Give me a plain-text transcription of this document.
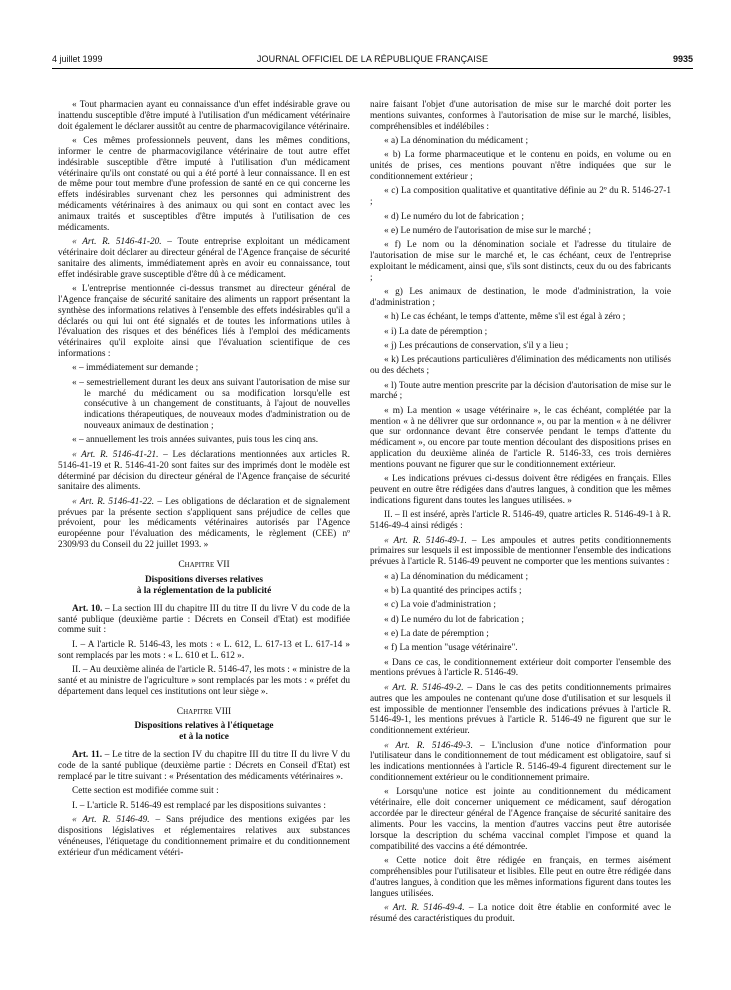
4 juillet 1999	JOURNAL OFFICIEL DE LA RÉPUBLIQUE FRANÇAISE	9935

« Tout pharmacien ayant eu connaissance d'un effet indésirable grave ou inattendu susceptible d'être imputé à l'utilisation d'un médicament vétérinaire doit également le déclarer aussitôt au centre de pharmacovigilance vétérinaire.

« Ces mêmes professionnels peuvent, dans les mêmes conditions, informer le centre de pharmacovigilance vétérinaire de tout autre effet indésirable susceptible d'être imputé à l'utilisation d'un médicament vétérinaire qu'ils ont constaté ou qui a été porté à leur connaissance. Il en est de même pour tout membre d'une profession de santé en ce qui concerne les effets indésirables survenant chez les personnes qui administrent des médicaments vétérinaires à des animaux ou qui sont en contact avec les animaux traités et susceptibles d'être imputés à l'utilisation de ces médicaments.

« Art. R. 5146-41-20. – Toute entreprise exploitant un médicament vétérinaire doit déclarer au directeur général de l'Agence française de sécurité sanitaire des aliments, immédiatement après en avoir eu connaissance, tout effet indésirable grave susceptible d'être dû à ce médicament.

« L'entreprise mentionnée ci-dessus transmet au directeur général de l'Agence française de sécurité sanitaire des aliments un rapport présentant la synthèse des informations relatives à l'ensemble des effets indésirables qu'il a déclarés ou qui lui ont été signalés et de toutes les informations utiles à l'évaluation des risques et des bénéfices liés à l'emploi des médicaments vétérinaires qu'il exploite ainsi que l'évaluation scientifique de ces informations :

« – immédiatement sur demande ;

« – semestriellement durant les deux ans suivant l'autorisation de mise sur le marché du médicament ou sa modification lorsqu'elle est consécutive à un changement de constituants, à l'ajout de nouvelles indications thérapeutiques, de nouveaux modes d'administration ou de nouveaux animaux de destination ;

« – annuellement les trois années suivantes, puis tous les cinq ans.

« Art. R. 5146-41-21. – Les déclarations mentionnées aux articles R. 5146-41-19 et R. 5146-41-20 sont faites sur des imprimés dont le modèle est déterminé par décision du directeur général de l'Agence française de sécurité sanitaire des aliments.

« Art. R. 5146-41-22. – Les obligations de déclaration et de signalement prévues par la présente section s'appliquent sans préjudice de celles que prévoient, pour les médicaments vétérinaires autorisés par l'Agence européenne pour l'évaluation des médicaments, le règlement (CEE) nº 2309/93 du Conseil du 22 juillet 1993. »

Chapitre VII
Dispositions diverses relatives
à la réglementation de la publicité

Art. 10. – La section III du chapitre III du titre II du livre V du code de la santé publique (deuxième partie : Décrets en Conseil d'Etat) est modifiée comme suit :

I. – A l'article R. 5146-43, les mots : « L. 612, L. 617-13 et L. 617-14 » sont remplacés par les mots : « L. 610 et L. 612 ».

II. – Au deuxième alinéa de l'article R. 5146-47, les mots : « ministre de la santé et au ministre de l'agriculture » sont remplacés par les mots : « préfet du département dans lequel ces institutions ont leur siège ».

Chapitre VIII
Dispositions relatives à l'étiquetage
et à la notice

Art. 11. – Le titre de la section IV du chapitre III du titre II du livre V du code de la santé publique (deuxième partie : Décrets en Conseil d'Etat) est remplacé par le titre suivant : « Présentation des médicaments vétérinaires ».

Cette section est modifiée comme suit :

I. – L'article R. 5146-49 est remplacé par les dispositions suivantes :

« Art. R. 5146-49. – Sans préjudice des mentions exigées par les dispositions législatives et réglementaires relatives aux substances vénéneuses, l'étiquetage du conditionnement primaire et du conditionnement extérieur d'un médicament vétéri-

naire faisant l'objet d'une autorisation de mise sur le marché doit porter les mentions suivantes, conformes à l'autorisation de mise sur le marché, lisibles, compréhensibles et indélébiles :

« a) La dénomination du médicament ;

« b) La forme pharmaceutique et le contenu en poids, en volume ou en unités de prises, ces mentions pouvant n'être indiquées que sur le conditionnement extérieur ;

« c) La composition qualitative et quantitative définie au 2º du R. 5146-27-1 ;

« d) Le numéro du lot de fabrication ;

« e) Le numéro de l'autorisation de mise sur le marché ;

« f) Le nom ou la dénomination sociale et l'adresse du titulaire de l'autorisation de mise sur le marché et, le cas échéant, ceux de l'entreprise exploitant le médicament, ainsi que, s'ils sont distincts, ceux du ou des fabricants ;

« g) Les animaux de destination, le mode d'administration, la voie d'administration ;

« h) Le cas échéant, le temps d'attente, même s'il est égal à zéro ;

« i) La date de péremption ;

« j) Les précautions de conservation, s'il y a lieu ;

« k) Les précautions particulières d'élimination des médicaments non utilisés ou des déchets ;

« l) Toute autre mention prescrite par la décision d'autorisation de mise sur le marché ;

« m) La mention « usage vétérinaire », le cas échéant, complétée par la mention « à ne délivrer que sur ordonnance », ou par la mention « à ne délivrer que sur ordonnance devant être conservée pendant le temps d'attente du médicament », ou encore par toute mention découlant des dispositions prises en application du deuxième alinéa de l'article R. 5146-33, ces trois dernières mentions pouvant ne figurer que sur le conditionnement extérieur.

« Les indications prévues ci-dessus doivent être rédigées en français. Elles peuvent en outre être rédigées dans d'autres langues, à condition que les mêmes indications figurent dans toutes les langues utilisées. »

II. – Il est inséré, après l'article R. 5146-49, quatre articles R. 5146-49-1 à R. 5146-49-4 ainsi rédigés :

« Art. R. 5146-49-1. – Les ampoules et autres petits conditionnements primaires sur lesquels il est impossible de mentionner l'ensemble des indications prévues à l'article R. 5146-49 peuvent ne comporter que les mentions suivantes :

« a) La dénomination du médicament ;

« b) La quantité des principes actifs ;

« c) La voie d'administration ;

« d) Le numéro du lot de fabrication ;

« e) La date de péremption ;

« f) La mention "usage vétérinaire".

« Dans ce cas, le conditionnement extérieur doit comporter l'ensemble des mentions prévues à l'article R. 5146-49.

« Art. R. 5146-49-2. – Dans le cas des petits conditionnements primaires autres que les ampoules ne contenant qu'une dose d'utilisation et sur lesquels il est impossible de mentionner l'ensemble des indications prévues à l'article R. 5146-49-1, les mentions prévues à l'article R. 5146-49 ne figurent que sur le conditionnement extérieur.

« Art. R. 5146-49-3. – L'inclusion d'une notice d'information pour l'utilisateur dans le conditionnement de tout médicament est obligatoire, sauf si les indications mentionnées à l'article R. 5146-49-4 figurent directement sur le conditionnement extérieur ou le conditionnement primaire.

« Lorsqu'une notice est jointe au conditionnement du médicament vétérinaire, elle doit concerner uniquement ce médicament, sauf dérogation accordée par le directeur général de l'Agence française de sécurité sanitaire des aliments. Pour les vaccins, la mention d'autres vaccins peut être autorisée lorsque la description du schéma vaccinal complet l'impose et quand la compatibilité des vaccins a été démontrée.

« Cette notice doit être rédigée en français, en termes aisément compréhensibles pour l'utilisateur et lisibles. Elle peut en outre être rédigée dans d'autres langues, à condition que les mêmes informations figurent dans toutes les langues utilisées.

« Art. R. 5146-49-4. – La notice doit être établie en conformité avec le résumé des caractéristiques du produit.
